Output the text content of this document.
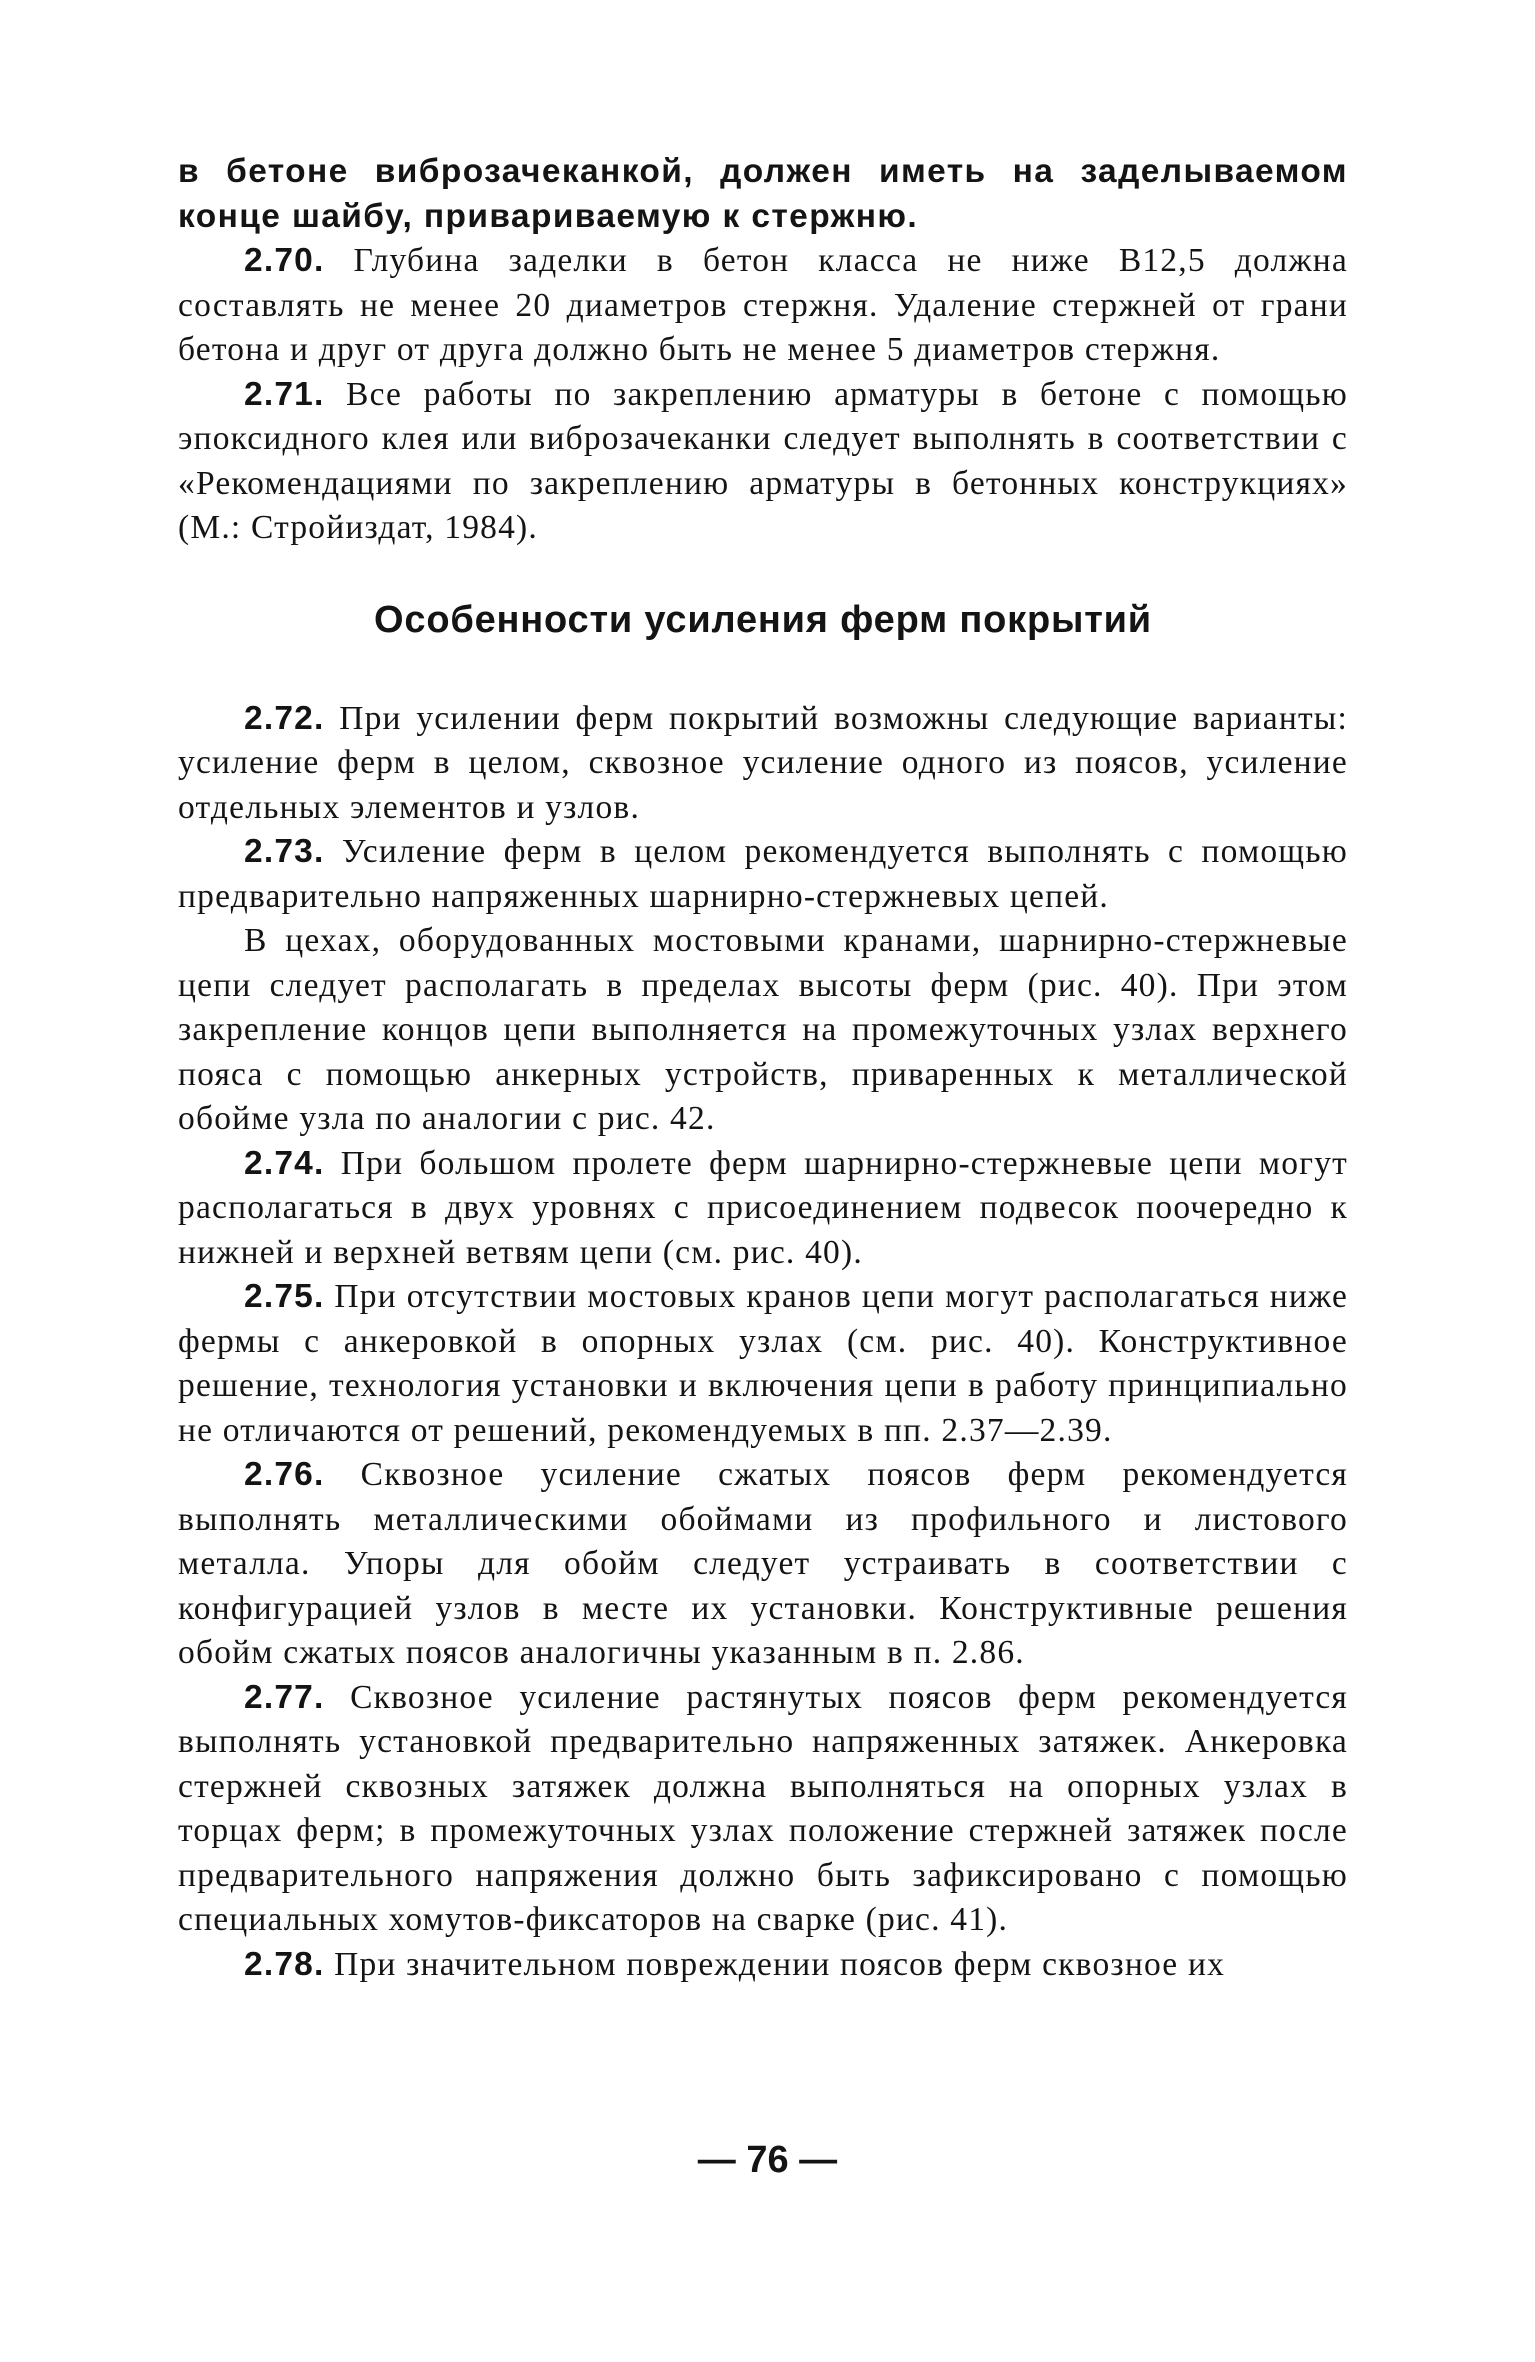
в бетоне виброзачеканкой, должен иметь на заделываемом конце шайбу, привариваемую к стержню.

2.70. Глубина заделки в бетон класса не ниже В12,5 должна составлять не менее 20 диаметров стержня. Удаление стержней от грани бетона и друг от друга должно быть не менее 5 диаметров стержня.

2.71. Все работы по закреплению арматуры в бетоне с помощью эпоксидного клея или виброзачеканки следует выполнять в соответствии с «Рекомендациями по закреплению арматуры в бетонных конструкциях» (М.: Стройиздат, 1984).

Особенности усиления ферм покрытий

2.72. При усилении ферм покрытий возможны следующие варианты: усиление ферм в целом, сквозное усиление одного из поясов, усиление отдельных элементов и узлов.

2.73. Усиление ферм в целом рекомендуется выполнять с помощью предварительно напряженных шарнирно-стержневых цепей.

В цехах, оборудованных мостовыми кранами, шарнирно-стержневые цепи следует располагать в пределах высоты ферм (рис. 40). При этом закрепление концов цепи выполняется на промежуточных узлах верхнего пояса с помощью анкерных устройств, приваренных к металлической обойме узла по аналогии с рис. 42.

2.74. При большом пролете ферм шарнирно-стержневые цепи могут располагаться в двух уровнях с присоединением подвесок поочередно к нижней и верхней ветвям цепи (см. рис. 40).

2.75. При отсутствии мостовых кранов цепи могут располагаться ниже фермы с анкеровкой в опорных узлах (см. рис. 40). Конструктивное решение, технология установки и включения цепи в работу принципиально не отличаются от решений, рекомендуемых в пп. 2.37—2.39.

2.76. Сквозное усиление сжатых поясов ферм рекомендуется выполнять металлическими обоймами из профильного и листового металла. Упоры для обойм следует устраивать в соответствии с конфигурацией узлов в месте их установки. Конструктивные решения обойм сжатых поясов аналогичны указанным в п. 2.86.

2.77. Сквозное усиление растянутых поясов ферм рекомендуется выполнять установкой предварительно напряженных затяжек. Анкеровка стержней сквозных затяжек должна выполняться на опорных узлах в торцах ферм; в промежуточных узлах положение стержней затяжек после предварительного напряжения должно быть зафиксировано с помощью специальных хомутов-фиксаторов на сварке (рис. 41).

2.78. При значительном повреждении поясов ферм сквозное их

— 76 —
